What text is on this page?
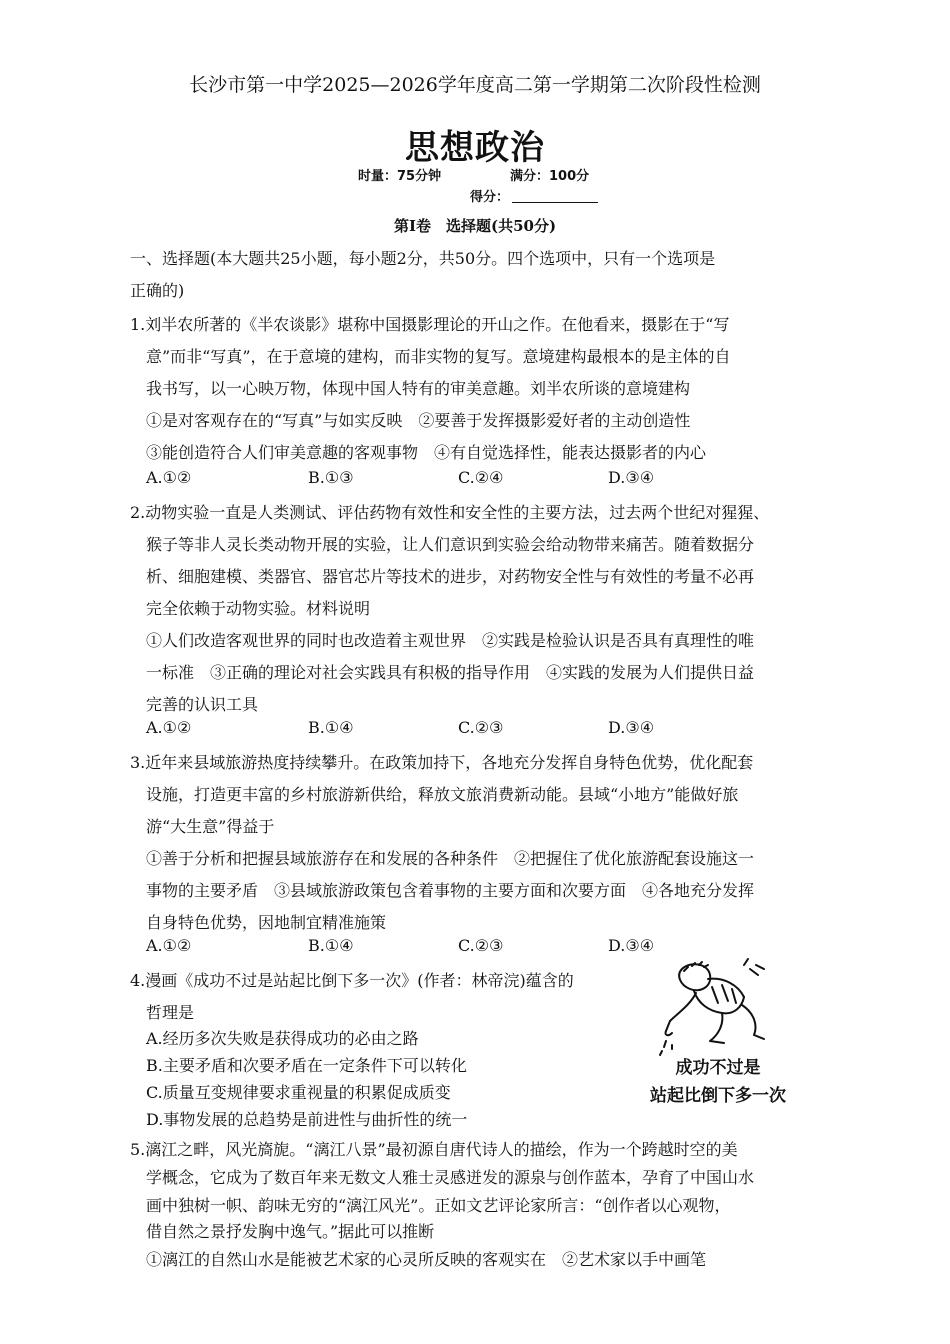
长沙市第一中学2025—2026学年度高二第一学期第二次阶段性检测
思想政治
时量：75分钟	满分：100分
得分：
第Ⅰ卷　选择题(共50分)
一、选择题(本大题共25小题，每小题2分，共50分。四个选项中，只有一个选项是
正确的)
1.刘半农所著的《半农谈影》堪称中国摄影理论的开山之作。在他看来，摄影在于“写
意”而非“写真”，在于意境的建构，而非实物的复写。意境建构最根本的是主体的自
我书写，以一心映万物，体现中国人特有的审美意趣。刘半农所谈的意境建构
①是对客观存在的“写真”与如实反映　②要善于发挥摄影爱好者的主动创造性
③能创造符合人们审美意趣的客观事物　④有自觉选择性，能表达摄影者的内心
A.①②	B.①③	C.②④	D.③④
2.动物实验一直是人类测试、评估药物有效性和安全性的主要方法，过去两个世纪对猩猩、
猴子等非人灵长类动物开展的实验，让人们意识到实验会给动物带来痛苦。随着数据分
析、细胞建模、类器官、器官芯片等技术的进步，对药物安全性与有效性的考量不必再
完全依赖于动物实验。材料说明
①人们改造客观世界的同时也改造着主观世界　②实践是检验认识是否具有真理性的唯
一标准　③正确的理论对社会实践具有积极的指导作用　④实践的发展为人们提供日益
完善的认识工具
A.①②	B.①④	C.②③	D.③④
3.近年来县域旅游热度持续攀升。在政策加持下，各地充分发挥自身特色优势，优化配套
设施，打造更丰富的乡村旅游新供给，释放文旅消费新动能。县域“小地方”能做好旅
游“大生意”得益于
①善于分析和把握县域旅游存在和发展的各种条件　②把握住了优化旅游配套设施这一
事物的主要矛盾　③县域旅游政策包含着事物的主要方面和次要方面　④各地充分发挥
自身特色优势，因地制宜精准施策
A.①②	B.①④	C.②③	D.③④
4.漫画《成功不过是站起比倒下多一次》(作者：林帝浣)蕴含的
哲理是
A.经历多次失败是获得成功的必由之路
B.主要矛盾和次要矛盾在一定条件下可以转化
C.质量互变规律要求重视量的积累促成质变
D.事物发展的总趋势是前进性与曲折性的统一
成功不过是
站起比倒下多一次
5.漓江之畔，风光旖旎。“漓江八景”最初源自唐代诗人的描绘，作为一个跨越时空的美
学概念，它成为了数百年来无数文人雅士灵感迸发的源泉与创作蓝本，孕育了中国山水
画中独树一帜、韵味无穷的“漓江风光”。正如文艺评论家所言：“创作者以心观物，
借自然之景抒发胸中逸气。”据此可以推断
①漓江的自然山水是能被艺术家的心灵所反映的客观实在　②艺术家以手中画笔
